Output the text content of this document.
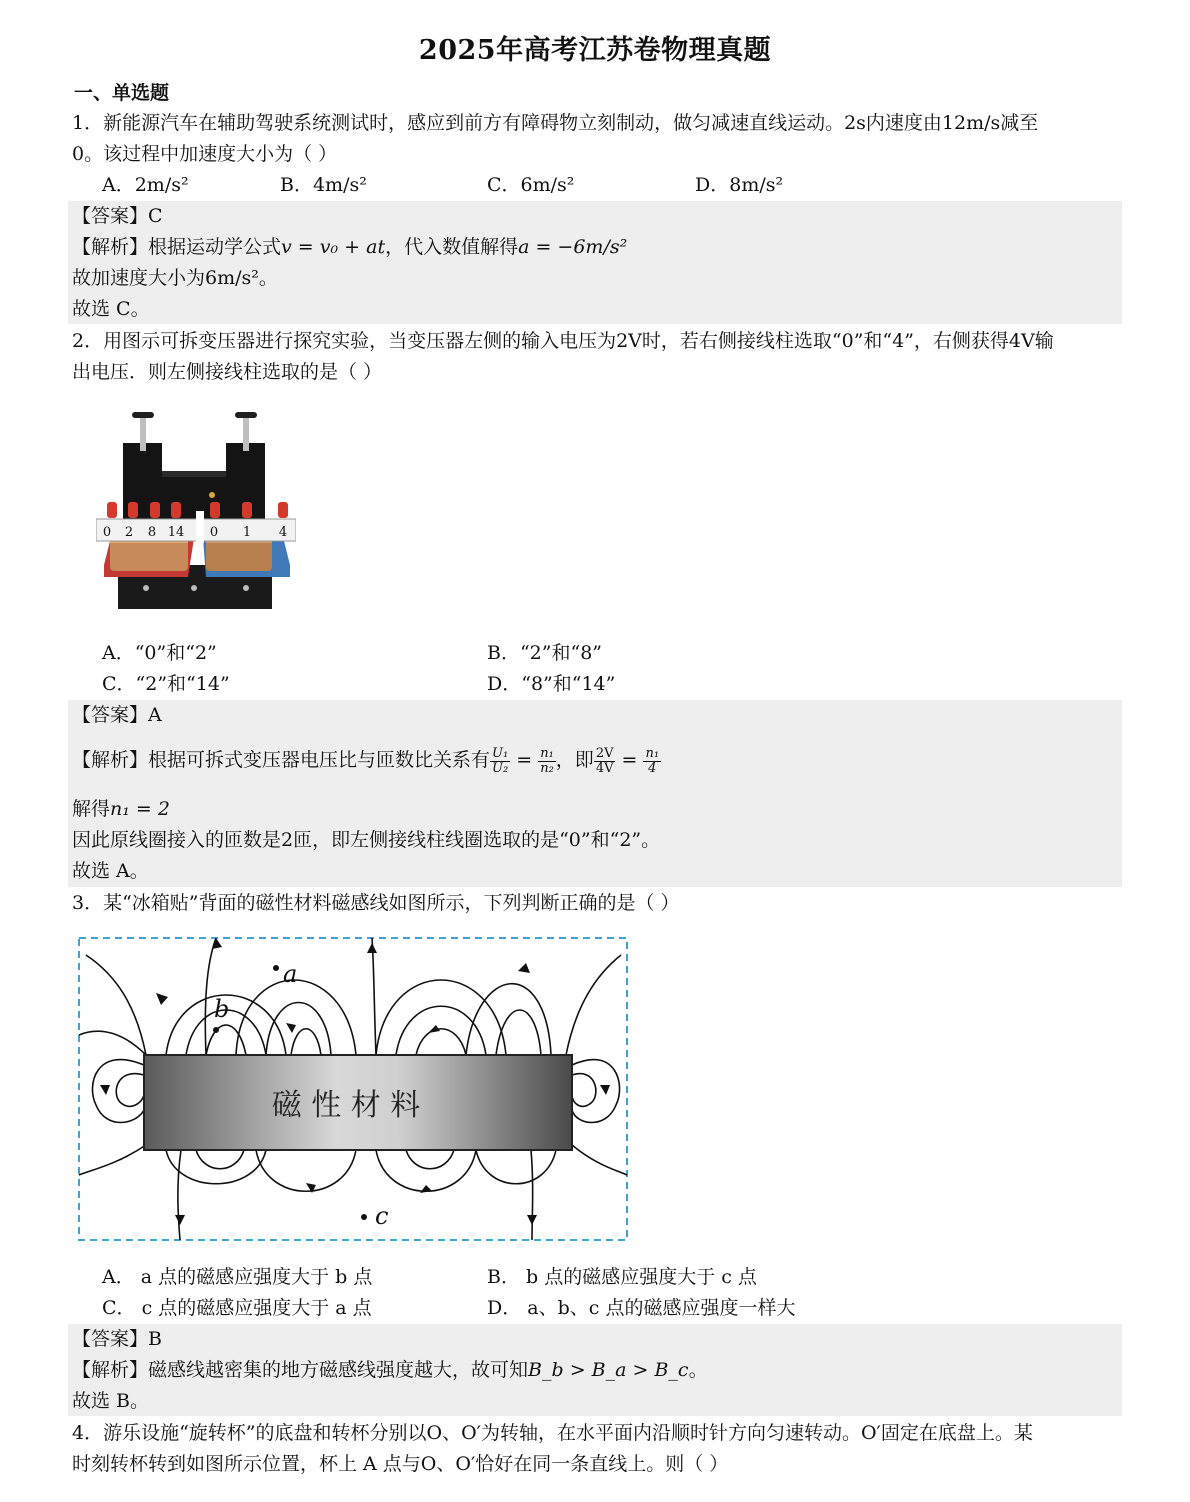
2025年高考江苏卷物理真题
一、单选题
1．新能源汽车在辅助驾驶系统测试时，感应到前方有障碍物立刻制动，做匀减速直线运动。2s内速度由12m/s减至
0。该过程中加速度大小为（ ）
A．2m/s²	B．4m/s²	C．6m/s²	D．8m/s²
【答案】C
【解析】根据运动学公式v = v₀ + at，代入数值解得a = −6m/s²
故加速度大小为6m/s²。
故选 C。
2．用图示可拆变压器进行探究实验，当变压器左侧的输入电压为2V时，若右侧接线柱选取“0”和“4”，右侧获得4V输
出电压．则左侧接线柱选取的是（ ）
0 2 8 14 0 1 4
A．“0”和“2”	B．“2”和“8”
C．“2”和“14”	D．“8”和“14”
【答案】A
【解析】根据可拆式变压器电压比与匝数比关系有 $\frac{\text{U₁}}{\text{U₂}} = \frac{\text{n₁}}{\text{n₂}}$ ，即 $\frac{2V}{4V} = \frac{\text{n₁}}{4}$
解得n₁ = 2
因此原线圈接入的匝数是2匝，即左侧接线柱线圈选取的是“0”和“2”。
故选 A。
3．某“冰箱贴”背面的磁性材料磁感线如图所示，下列判断正确的是（ ）
磁 性 材 料
a
b
c
A． a 点的磁感应强度大于 b 点	B． b 点的磁感应强度大于 c 点
C． c 点的磁感应强度大于 a 点	D． a、b、c 点的磁感应强度一样大
【答案】B
【解析】磁感线越密集的地方磁感线强度越大，故可知B_b > B_a > B_c。
故选 B。
4．游乐设施“旋转杯”的底盘和转杯分别以O、O′为转轴，在水平面内沿顺时针方向匀速转动。O′固定在底盘上。某
时刻转杯转到如图所示位置，杯上 A 点与O、O′恰好在同一条直线上。则（ ）
